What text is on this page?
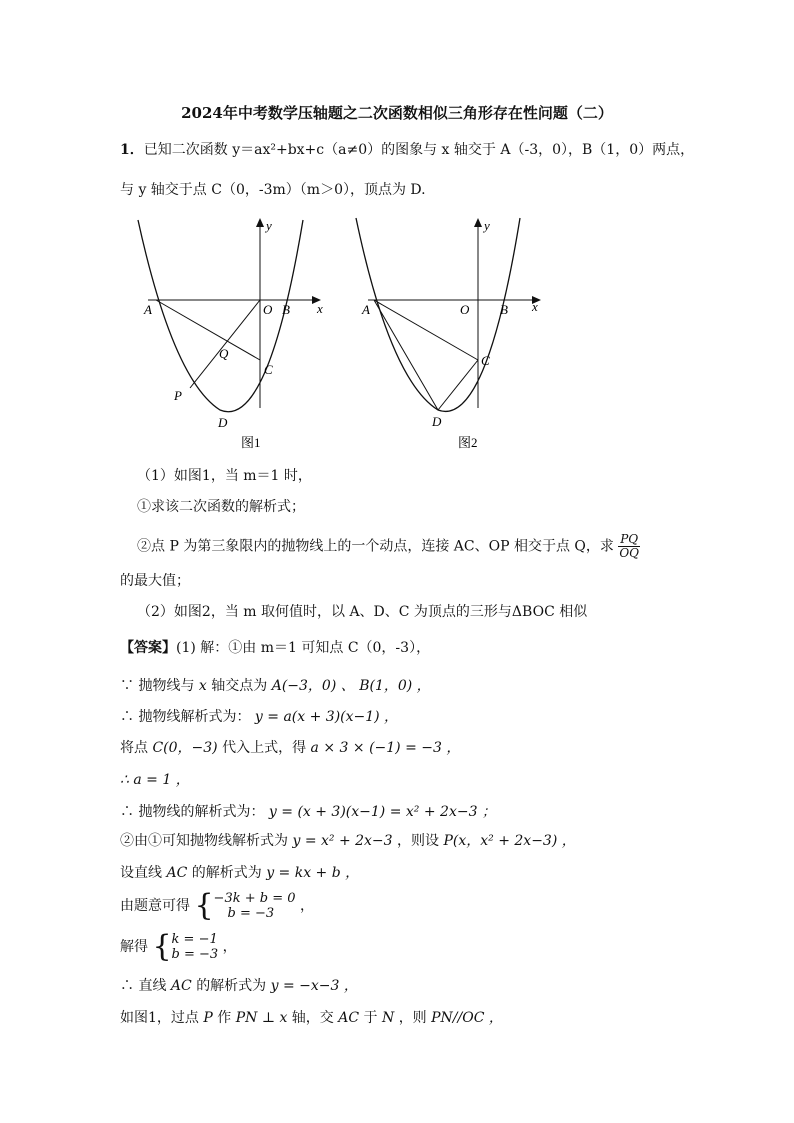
2024年中考数学压轴题之二次函数相似三角形存在性问题（二）
1．已知二次函数 y＝ax²+bx+c（a≠0）的图象与 x 轴交于 A（-3，0），B（1，0）两点，
与 y 轴交于点 C（0，-3m）（m＞0），顶点为 D.
y
x
A	O B
Q
C
P
D
图1
y
x
A	O B
C
D
图2
（1）如图1，当 m＝1 时，
①求该二次函数的解析式；
②点 P 为第三象限内的抛物线上的一个动点，连接 AC、OP 相交于点 Q，求 $\frac{PQ}{OQ}$
的最大值；
（2）如图2，当 m 取何值时，以 A、D、C 为顶点的三形与ΔBOC 相似
【答案】(1) 解：①由 m＝1 可知点 C（0，-3），
∵ 抛物线与 x 轴交点为 A(−3，0) 、 B(1，0) ，
∴ 抛物线解析式为： y = a(x + 3)(x−1) ，
将点 C(0，−3) 代入上式，得 a × 3 × (−1) = −3 ，
∴ a = 1 ，
∴ 抛物线的解析式为： y = (x + 3)(x−1) = x² + 2x−3 ；
②由①可知抛物线解析式为 y = x² + 2x−3 ，则设 P(x，x² + 2x−3) ，
设直线 AC 的解析式为 y = kx + b ，
由题意可得 { −3k + b = 0
b = −3	，
解得 { k = −1
b = −3 ，
∴ 直线 AC 的解析式为 y = −x−3 ，
如图1，过点 P 作 PN ⊥ x 轴，交 AC 于 N ，则 PN//OC ，
